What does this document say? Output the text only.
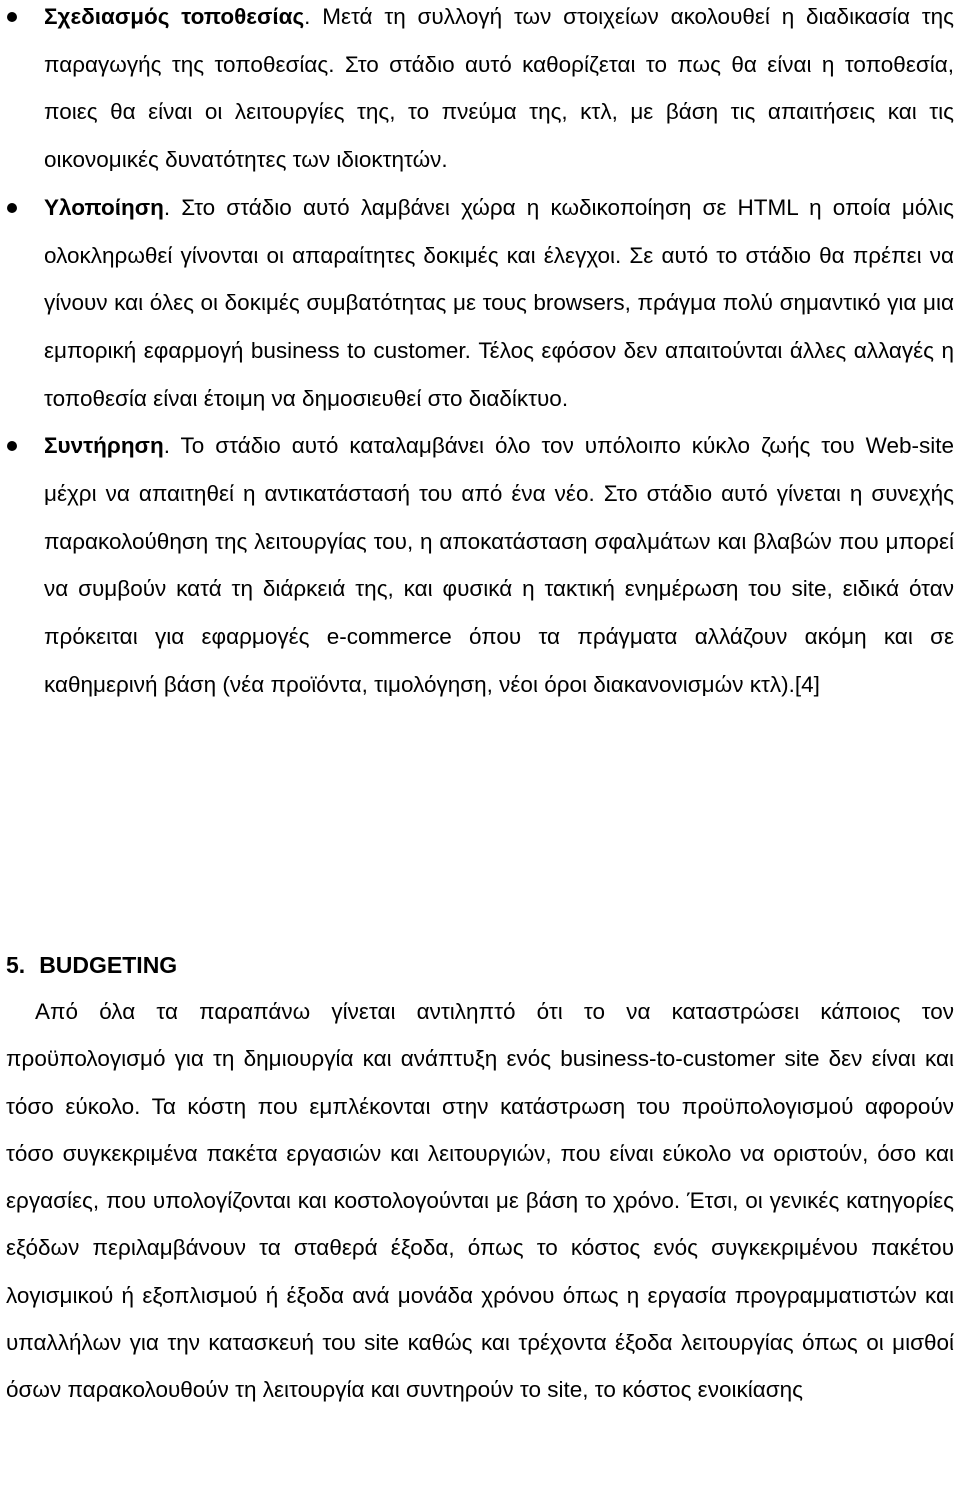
Σχεδιασμός τοποθεσίας. Μετά τη συλλογή των στοιχείων ακολουθεί η διαδικασία της παραγωγής της τοποθεσίας. Στο στάδιο αυτό καθορίζεται το πως θα είναι η τοποθεσία, ποιες θα είναι οι λειτουργίες της, το πνεύμα της, κτλ, με βάση τις απαιτήσεις και τις οικονομικές δυνατότητες των ιδιοκτητών.
Υλοποίηση. Στο στάδιο αυτό λαμβάνει χώρα η κωδικοποίηση σε HTML η οποία μόλις ολοκληρωθεί γίνονται οι απαραίτητες δοκιμές και έλεγχοι. Σε αυτό το στάδιο θα πρέπει να γίνουν και όλες οι δοκιμές συμβατότητας με τους browsers, πράγμα πολύ σημαντικό για μια εμπορική εφαρμογή business to customer. Τέλος εφόσον δεν απαιτούνται άλλες αλλαγές η τοποθεσία είναι έτοιμη να δημοσιευθεί στο διαδίκτυο.
Συντήρηση. Το στάδιο αυτό καταλαμβάνει όλο τον υπόλοιπο κύκλο ζωής του Web-site μέχρι να απαιτηθεί η αντικατάστασή του από ένα νέο. Στο στάδιο αυτό γίνεται η συνεχής παρακολούθηση της λειτουργίας του, η αποκατάσταση σφαλμάτων και βλαβών που μπορεί να συμβούν κατά τη διάρκειά της, και φυσικά η τακτική ενημέρωση του site, ειδικά όταν πρόκειται για εφαρμογές e-commerce όπου τα πράγματα αλλάζουν ακόμη και σε καθημερινή βάση (νέα προϊόντα, τιμολόγηση, νέοι όροι διακανονισμών κτλ).[4]
5. BUDGETING

Από όλα τα παραπάνω γίνεται αντιληπτό ότι το να καταστρώσει κάποιος τον προϋπολογισμό για τη δημιουργία και ανάπτυξη ενός business-to-customer site δεν είναι και τόσο εύκολο. Τα κόστη που εμπλέκονται στην κατάστρωση του προϋπολογισμού αφορούν τόσο συγκεκριμένα πακέτα εργασιών και λειτουργιών, που είναι εύκολο να οριστούν, όσο και εργασίες, που υπολογίζονται και κοστολογούνται με βάση το χρόνο. Έτσι, οι γενικές κατηγορίες εξόδων περιλαμβάνουν τα σταθερά έξοδα, όπως το κόστος ενός συγκεκριμένου πακέτου λογισμικού ή εξοπλισμού ή έξοδα ανά μονάδα χρόνου όπως η εργασία προγραμματιστών και υπαλλήλων για την κατασκευή του site καθώς και τρέχοντα έξοδα λειτουργίας όπως οι μισθοί όσων παρακολουθούν τη λειτουργία και συντηρούν το site, το κόστος ενοικίασης
